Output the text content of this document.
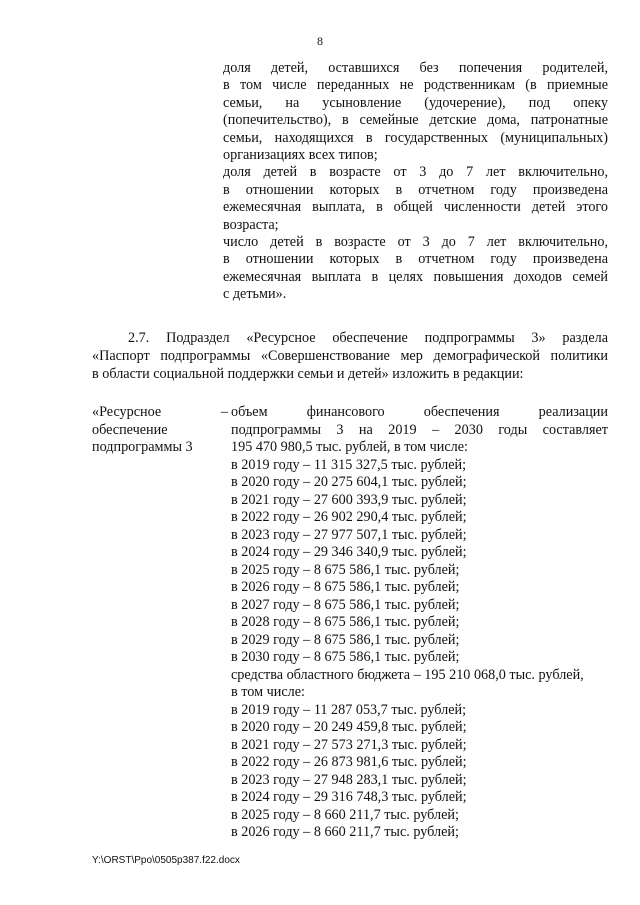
8

доля детей, оставшихся без попечения родителей,

в том числе переданных не родственникам (в приемные

семьи, на усыновление (удочерение), под опеку

(попечительство), в семейные детские дома, патронатные

семьи, находящихся в государственных (муниципальных)

организациях всех типов;

доля детей в возрасте от 3 до 7 лет включительно,

в отношении которых в отчетном году произведена

ежемесячная выплата, в общей численности детей этого

возраста;

число детей в возрасте от 3 до 7 лет включительно,

в отношении которых в отчетном году произведена

ежемесячная выплата в целях повышения доходов семей

с детьми».

2.7. Подраздел «Ресурсное обеспечение подпрограммы 3» раздела

«Паспорт подпрограммы «Совершенствование мер демографической политики

в области социальной поддержки семьи и детей» изложить в редакции:

«Ресурсное	–
обеспечение
подпрограммы 3

объем финансового обеспечения реализации

подпрограммы 3 на 2019 – 2030 годы составляет

195 470 980,5 тыс. рублей, в том числе:

в 2019 году – 11 315 327,5 тыс. рублей;

в 2020 году – 20 275 604,1 тыс. рублей;

в 2021 году – 27 600 393,9 тыс. рублей;

в 2022 году – 26 902 290,4 тыс. рублей;

в 2023 году – 27 977 507,1 тыс. рублей;

в 2024 году – 29 346 340,9 тыс. рублей;

в 2025 году – 8 675 586,1 тыс. рублей;

в 2026 году – 8 675 586,1 тыс. рублей;

в 2027 году – 8 675 586,1 тыс. рублей;

в 2028 году – 8 675 586,1 тыс. рублей;

в 2029 году – 8 675 586,1 тыс. рублей;

в 2030 году – 8 675 586,1 тыс. рублей;

средства областного бюджета – 195 210 068,0 тыс. рублей,

в том числе:

в 2019 году – 11 287 053,7 тыс. рублей;

в 2020 году – 20 249 459,8 тыс. рублей;

в 2021 году – 27 573 271,3 тыс. рублей;

в 2022 году – 26 873 981,6 тыс. рублей;

в 2023 году – 27 948 283,1 тыс. рублей;

в 2024 году – 29 316 748,3 тыс. рублей;

в 2025 году – 8 660 211,7 тыс. рублей;

в 2026 году – 8 660 211,7 тыс. рублей;

Y:\ORST\Ppo\0505p387.f22.docx
